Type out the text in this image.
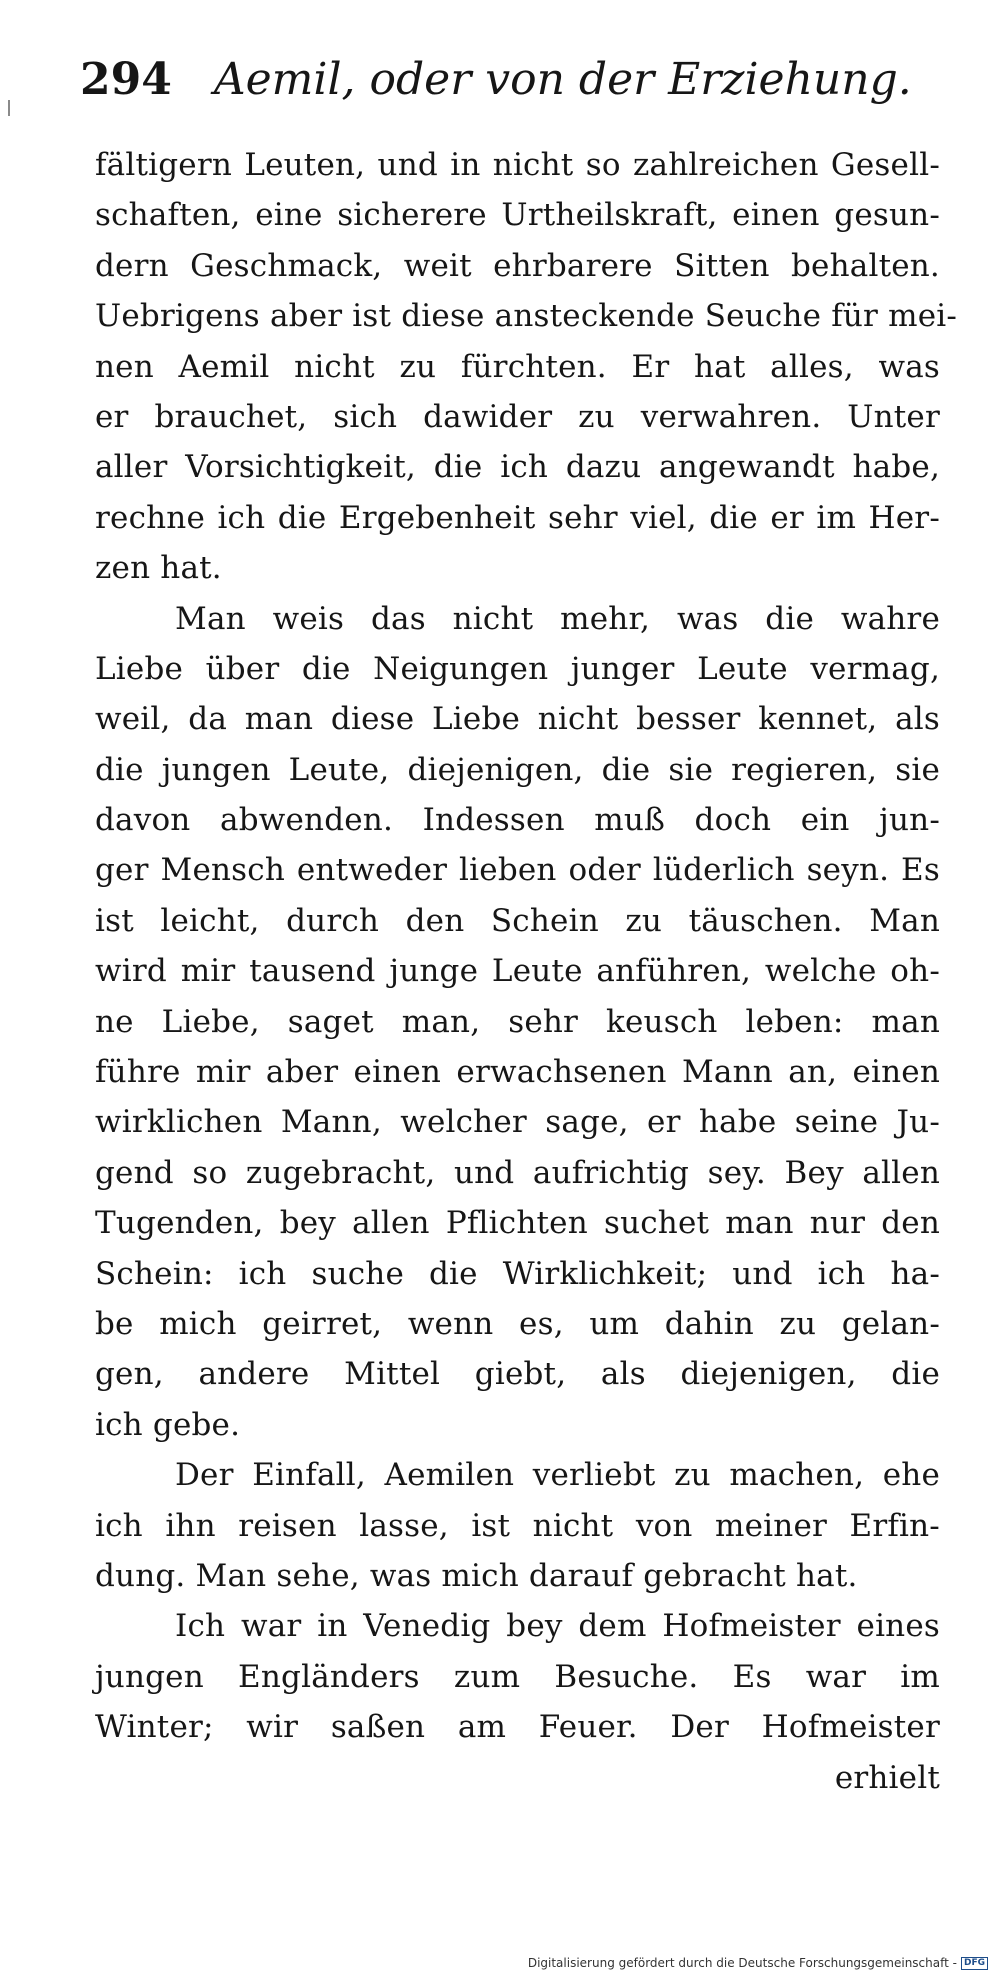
294 Aemil, oder von der Erziehung.
fältigern Leuten, und in nicht so zahlreichen Gesell-
schaften, eine sicherere Urtheilskraft, einen gesun-
dern Geschmack, weit ehrbarere Sitten behalten.
Uebrigens aber ist diese ansteckende Seuche für mei-
nen Aemil nicht zu fürchten. Er hat alles, was
er brauchet, sich dawider zu verwahren. Unter
aller Vorsichtigkeit, die ich dazu angewandt habe,
rechne ich die Ergebenheit sehr viel, die er im Her-
zen hat.
Man weis das nicht mehr, was die wahre
Liebe über die Neigungen junger Leute vermag,
weil, da man diese Liebe nicht besser kennet, als
die jungen Leute, diejenigen, die sie regieren, sie
davon abwenden. Indessen muß doch ein jun-
ger Mensch entweder lieben oder lüderlich seyn. Es
ist leicht, durch den Schein zu täuschen. Man
wird mir tausend junge Leute anführen, welche oh-
ne Liebe, saget man, sehr keusch leben: man
führe mir aber einen erwachsenen Mann an, einen
wirklichen Mann, welcher sage, er habe seine Ju-
gend so zugebracht, und aufrichtig sey. Bey allen
Tugenden, bey allen Pflichten suchet man nur den
Schein: ich suche die Wirklichkeit; und ich ha-
be mich geirret, wenn es, um dahin zu gelan-
gen, andere Mittel giebt, als diejenigen, die
ich gebe.
Der Einfall, Aemilen verliebt zu machen, ehe
ich ihn reisen lasse, ist nicht von meiner Erfin-
dung. Man sehe, was mich darauf gebracht hat.
Ich war in Venedig bey dem Hofmeister eines
jungen Engländers zum Besuche. Es war im
Winter; wir saßen am Feuer. Der Hofmeister
erhielt
Digitalisierung gefördert durch die Deutsche Forschungsgemeinschaft - DFG
